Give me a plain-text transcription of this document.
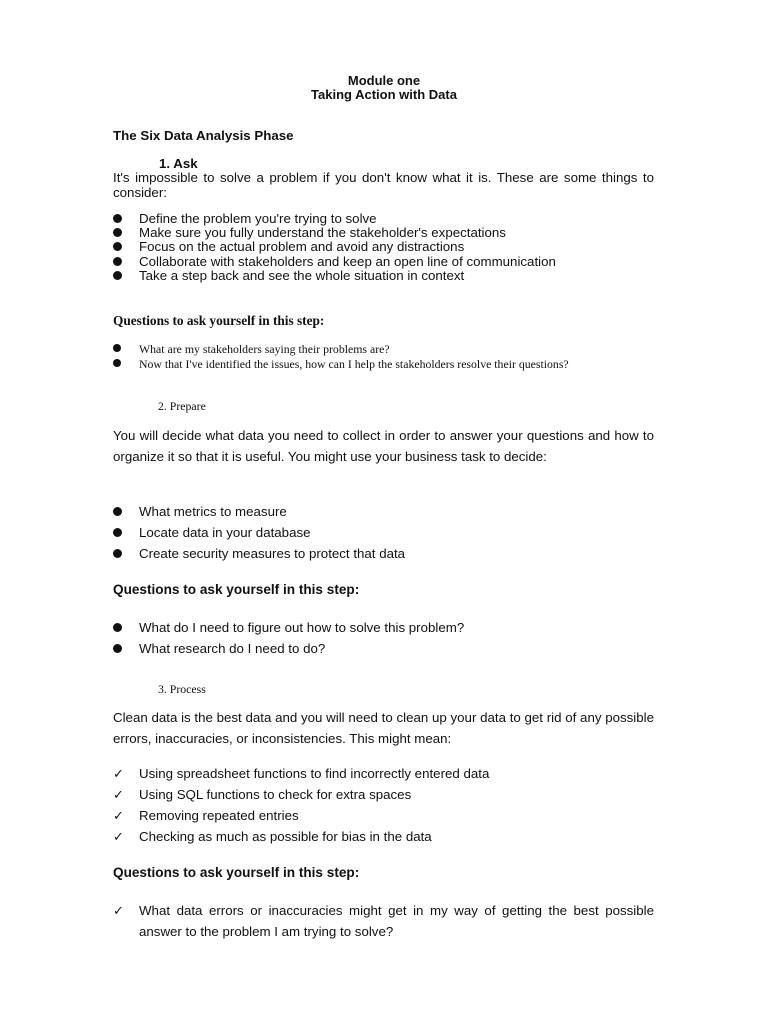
Module one
Taking Action with Data
The Six Data Analysis Phase
1. Ask
It's impossible to solve a problem if you don't know what it is. These are some things to consider:
Define the problem you're trying to solve
Make sure you fully understand the stakeholder's expectations
Focus on the actual problem and avoid any distractions
Collaborate with stakeholders and keep an open line of communication
Take a step back and see the whole situation in context
Questions to ask yourself in this step:
What are my stakeholders saying their problems are?
Now that I've identified the issues, how can I help the stakeholders resolve their questions?
2. Prepare
You will decide what data you need to collect in order to answer your questions and how to organize it so that it is useful. You might use your business task to decide:
What metrics to measure
Locate data in your database
Create security measures to protect that data
Questions to ask yourself in this step:
What do I need to figure out how to solve this problem?
What research do I need to do?
3. Process
Clean data is the best data and you will need to clean up your data to get rid of any possible errors, inaccuracies, or inconsistencies. This might mean:
✓ Using spreadsheet functions to find incorrectly entered data
✓ Using SQL functions to check for extra spaces
✓ Removing repeated entries
✓ Checking as much as possible for bias in the data
Questions to ask yourself in this step:
✓ What data errors or inaccuracies might get in my way of getting the best possible answer to the problem I am trying to solve?
